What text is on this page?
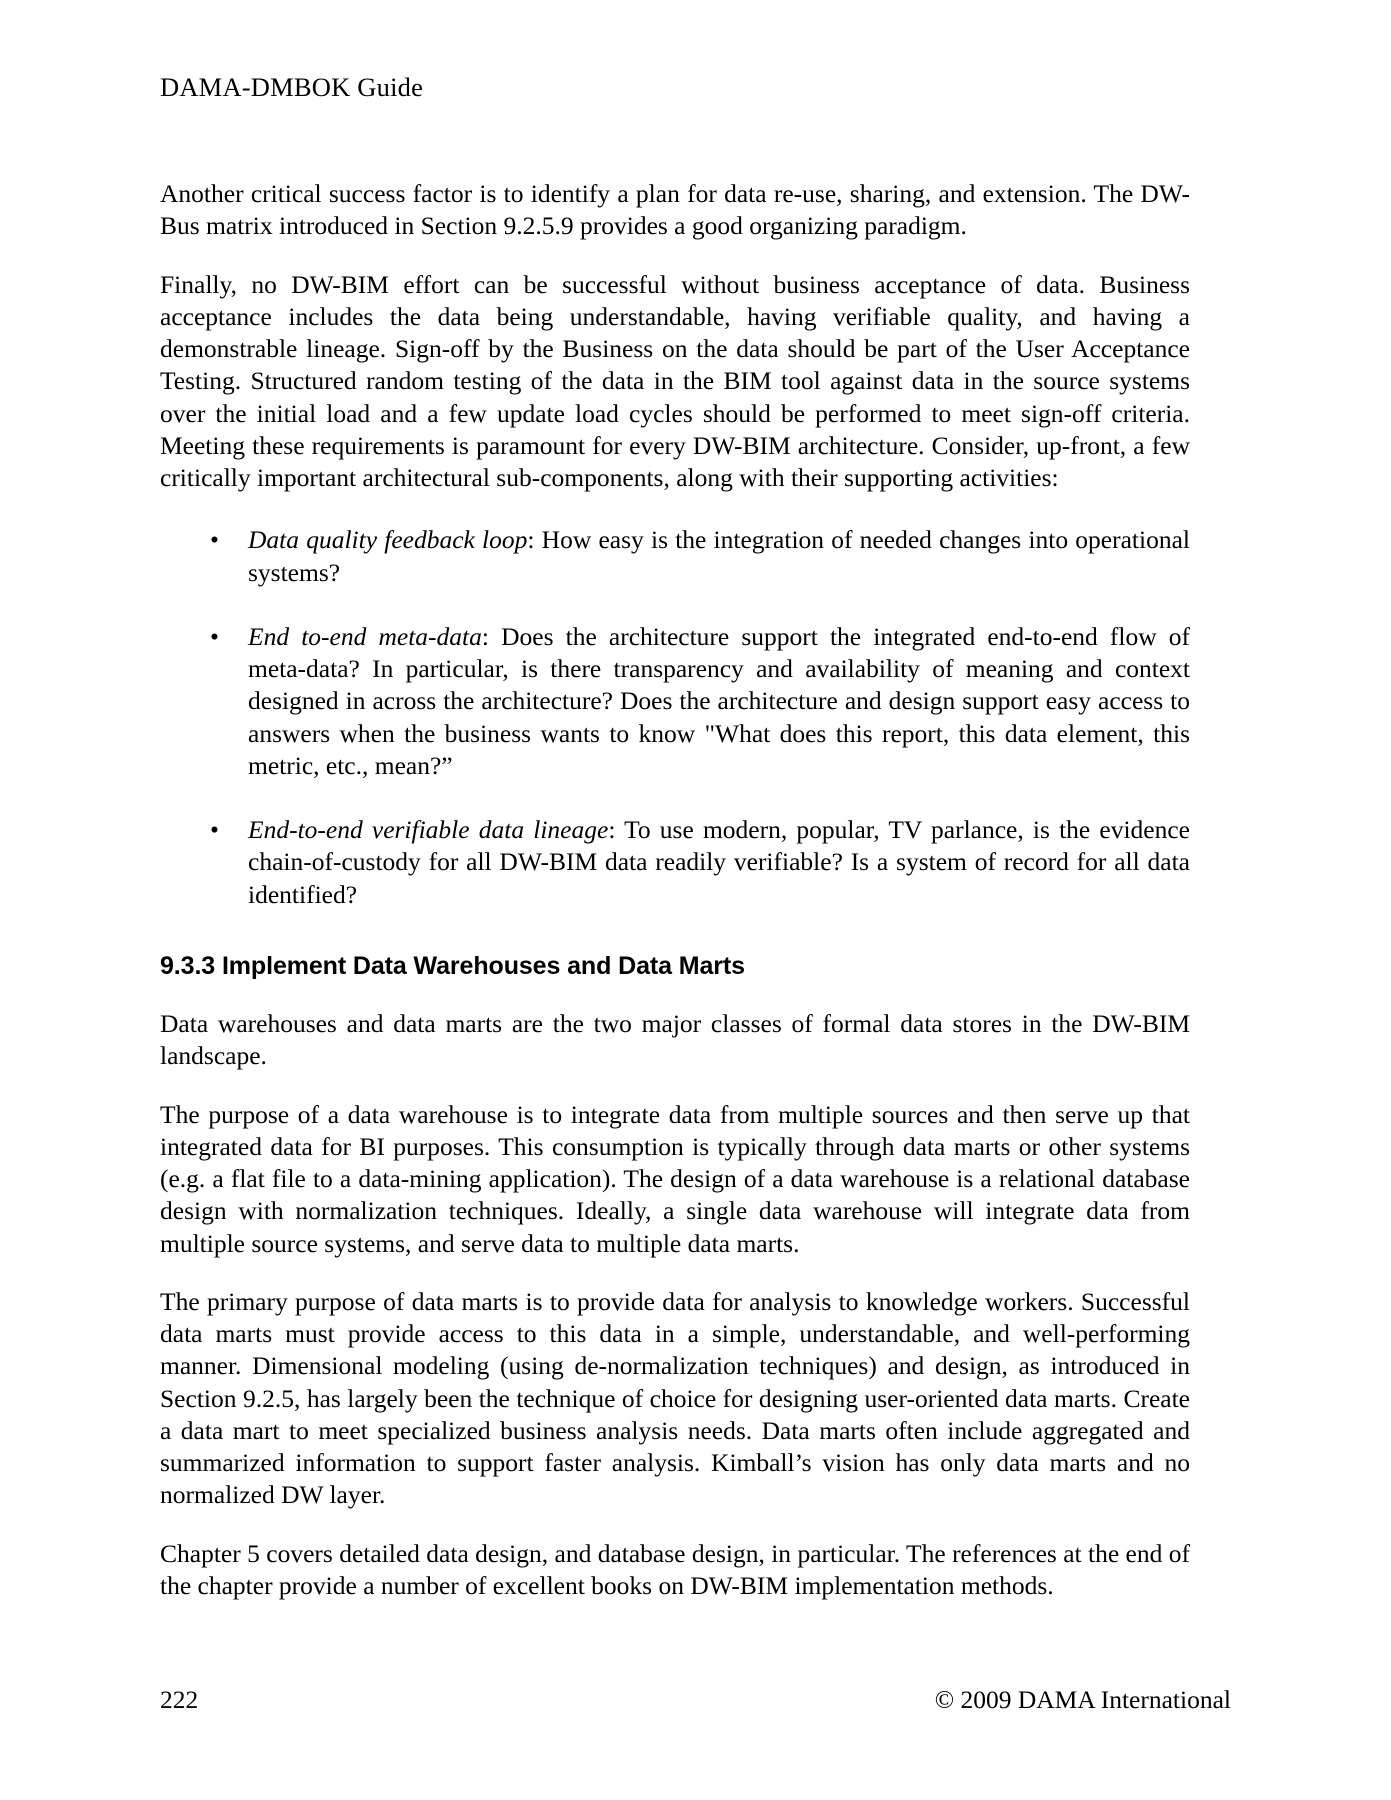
DAMA-DMBOK Guide

Another critical success factor is to identify a plan for data re-use, sharing, and extension. The DW-Bus matrix introduced in Section 9.2.5.9 provides a good organizing paradigm.

Finally, no DW-BIM effort can be successful without business acceptance of data. Business acceptance includes the data being understandable, having verifiable quality, and having a demonstrable lineage. Sign-off by the Business on the data should be part of the User Acceptance Testing. Structured random testing of the data in the BIM tool against data in the source systems over the initial load and a few update load cycles should be performed to meet sign-off criteria. Meeting these requirements is paramount for every DW-BIM architecture. Consider, up-front, a few critically important architectural sub-components, along with their supporting activities:

• Data quality feedback loop: How easy is the integration of needed changes into operational systems?
• End to-end meta-data: Does the architecture support the integrated end-to-end flow of meta-data? In particular, is there transparency and availability of meaning and context designed in across the architecture? Does the architecture and design support easy access to answers when the business wants to know "What does this report, this data element, this metric, etc., mean?”
• End-to-end verifiable data lineage: To use modern, popular, TV parlance, is the evidence chain-of-custody for all DW-BIM data readily verifiable? Is a system of record for all data identified?
9.3.3 Implement Data Warehouses and Data Marts

Data warehouses and data marts are the two major classes of formal data stores in the DW-BIM landscape.

The purpose of a data warehouse is to integrate data from multiple sources and then serve up that integrated data for BI purposes. This consumption is typically through data marts or other systems (e.g. a flat file to a data-mining application). The design of a data warehouse is a relational database design with normalization techniques. Ideally, a single data warehouse will integrate data from multiple source systems, and serve data to multiple data marts.

The primary purpose of data marts is to provide data for analysis to knowledge workers. Successful data marts must provide access to this data in a simple, understandable, and well-performing manner. Dimensional modeling (using de-normalization techniques) and design, as introduced in Section 9.2.5, has largely been the technique of choice for designing user-oriented data marts. Create a data mart to meet specialized business analysis needs. Data marts often include aggregated and summarized information to support faster analysis. Kimball’s vision has only data marts and no normalized DW layer.

Chapter 5 covers detailed data design, and database design, in particular. The references at the end of the chapter provide a number of excellent books on DW-BIM implementation methods.

222	© 2009 DAMA International
